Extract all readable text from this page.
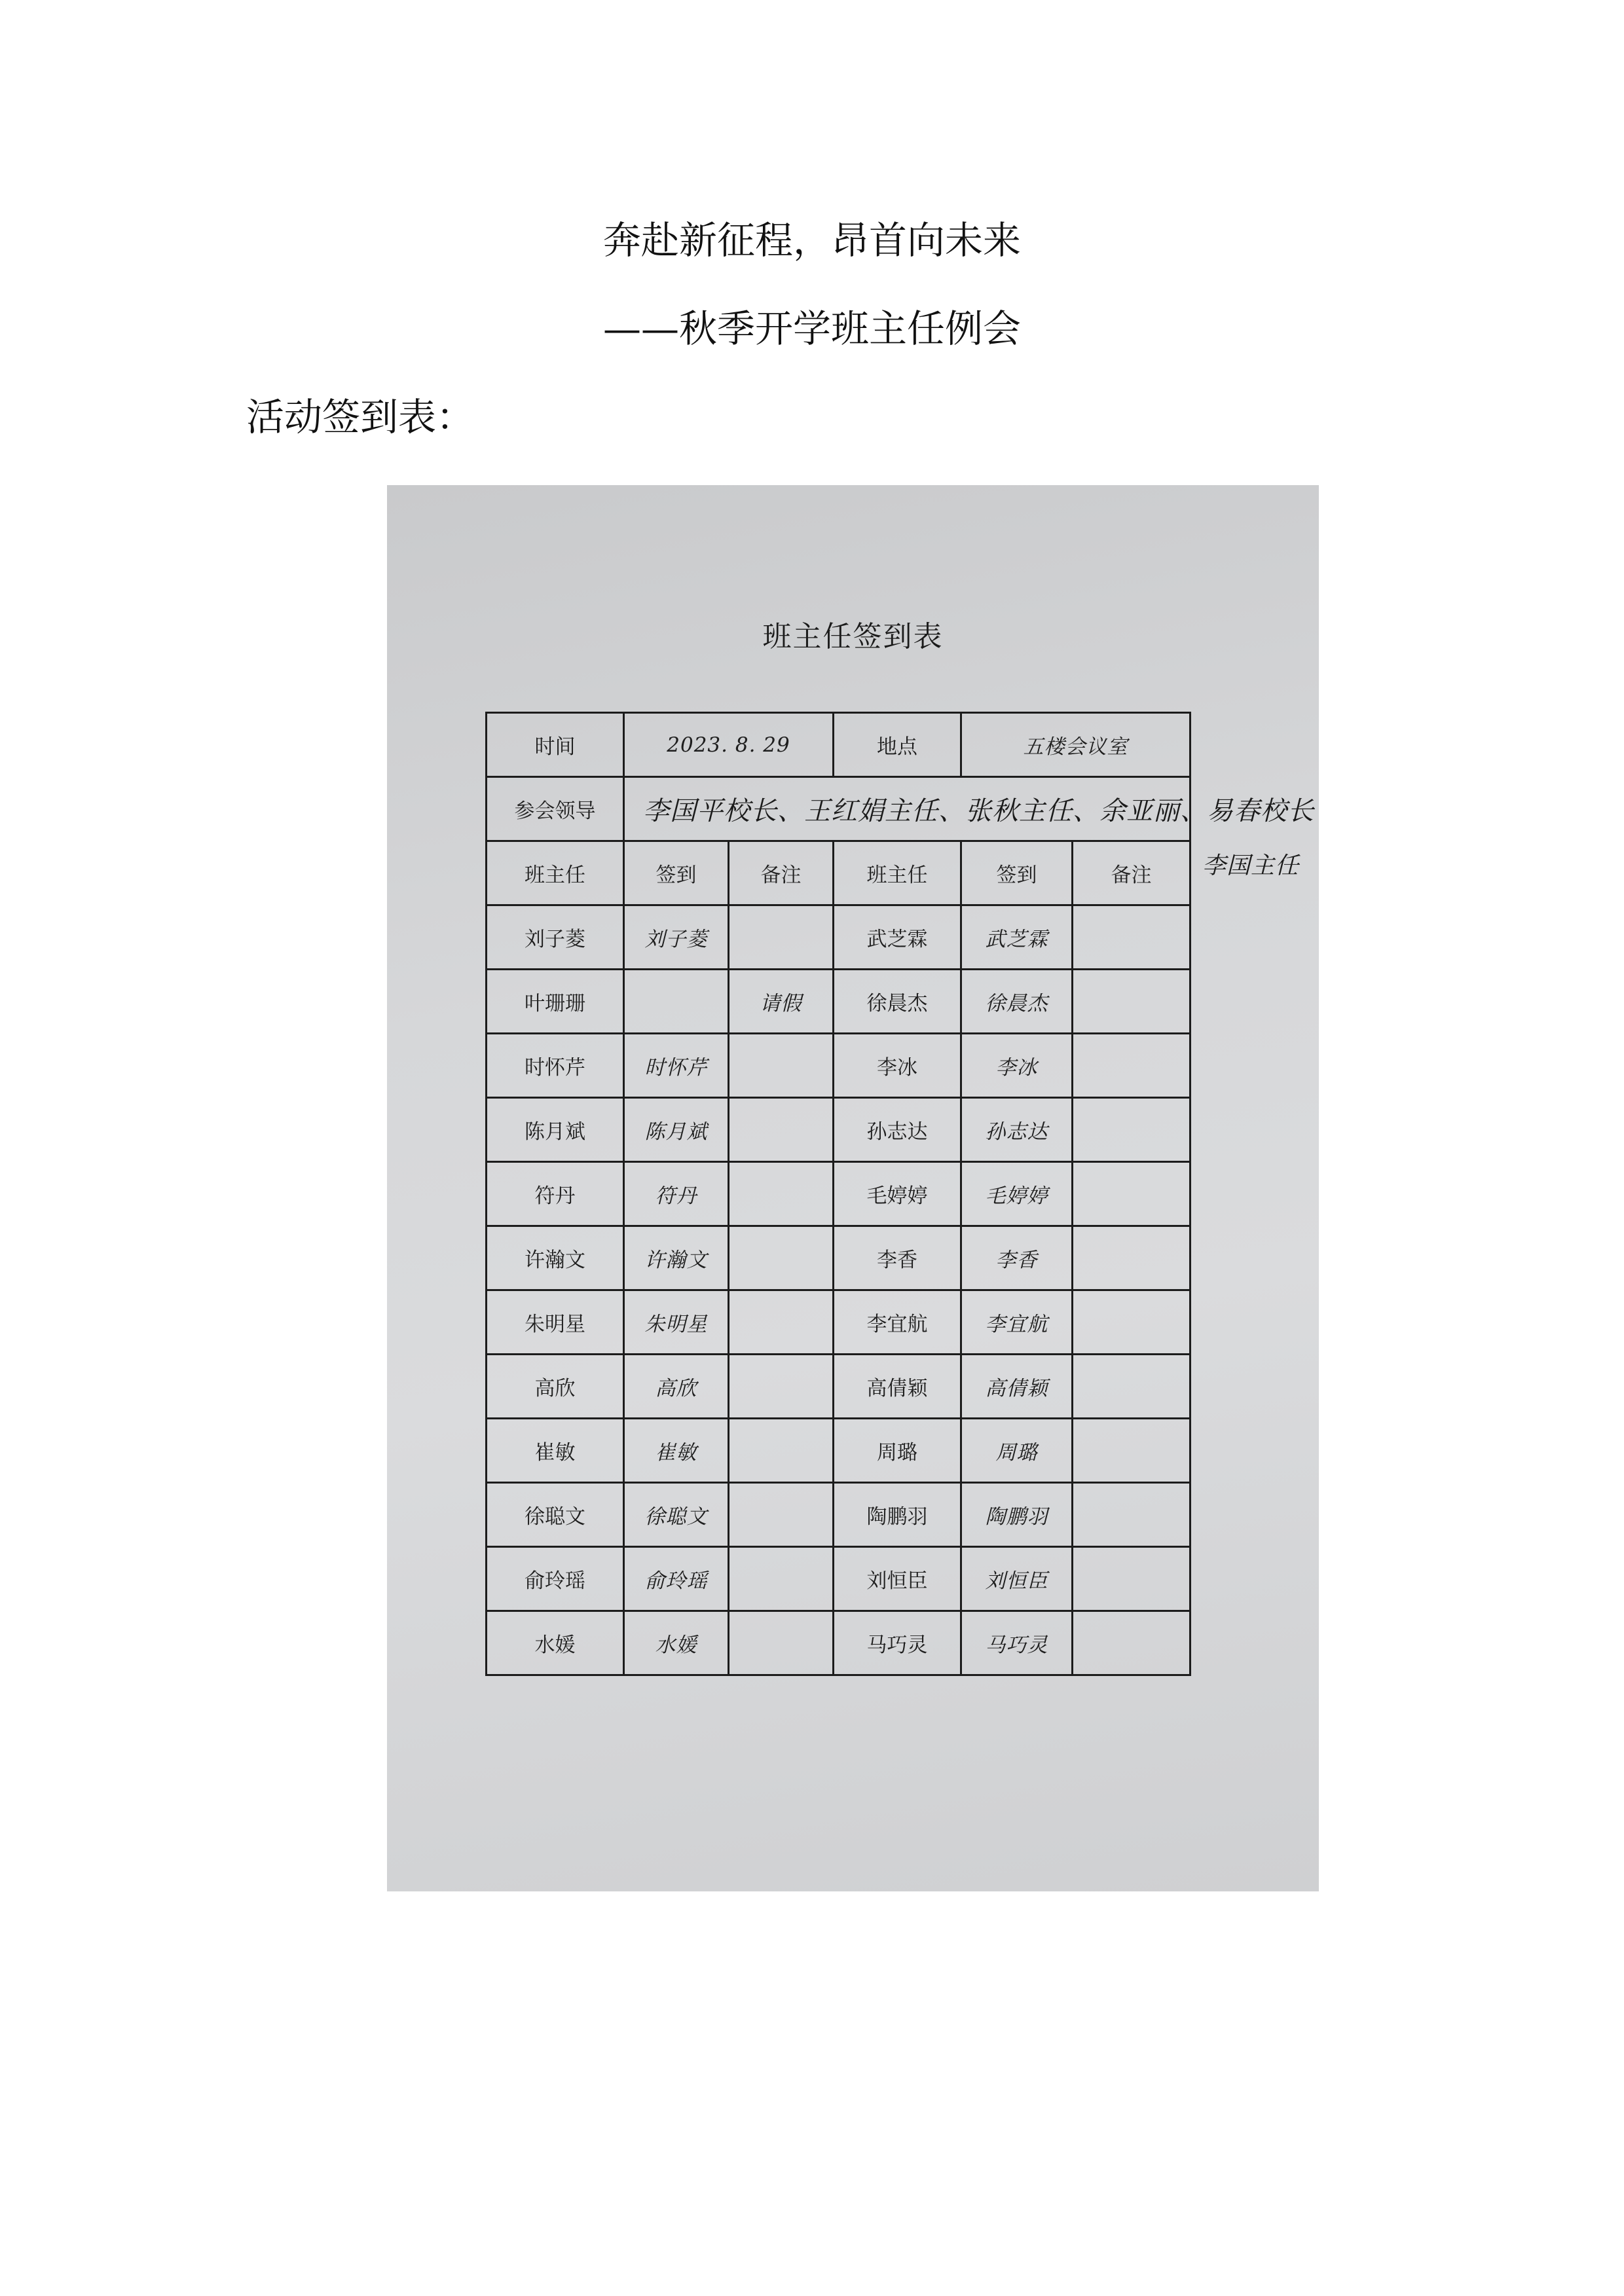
奔赴新征程，昂首向未来
——秋季开学班主任例会
活动签到表：
班主任签到表
时间	2023. 8. 29		地点	五楼会议室	
参会领导	李国平校长、王红娟主任、张秋主任、余亚丽、易春校长				
班主任	签到	备注	班主任	签到	备注
刘子菱	刘子菱		武芝霖	武芝霖	
叶珊珊		请假	徐晨杰	徐晨杰	
时怀芹	时怀芹		李冰	李冰	
陈月斌	陈月斌		孙志达	孙志达	
符丹	符丹		毛婷婷	毛婷婷	
许瀚文	许瀚文		李香	李香	
朱明星	朱明星		李宜航	李宜航	
高欣	高欣		高倩颖	高倩颖	
崔敏	崔敏		周璐	周璐	
徐聪文	徐聪文		陶鹏羽	陶鹏羽	
俞玲瑶	俞玲瑶		刘恒臣	刘恒臣	
水媛	水媛		马巧灵	马巧灵	
李国主任
